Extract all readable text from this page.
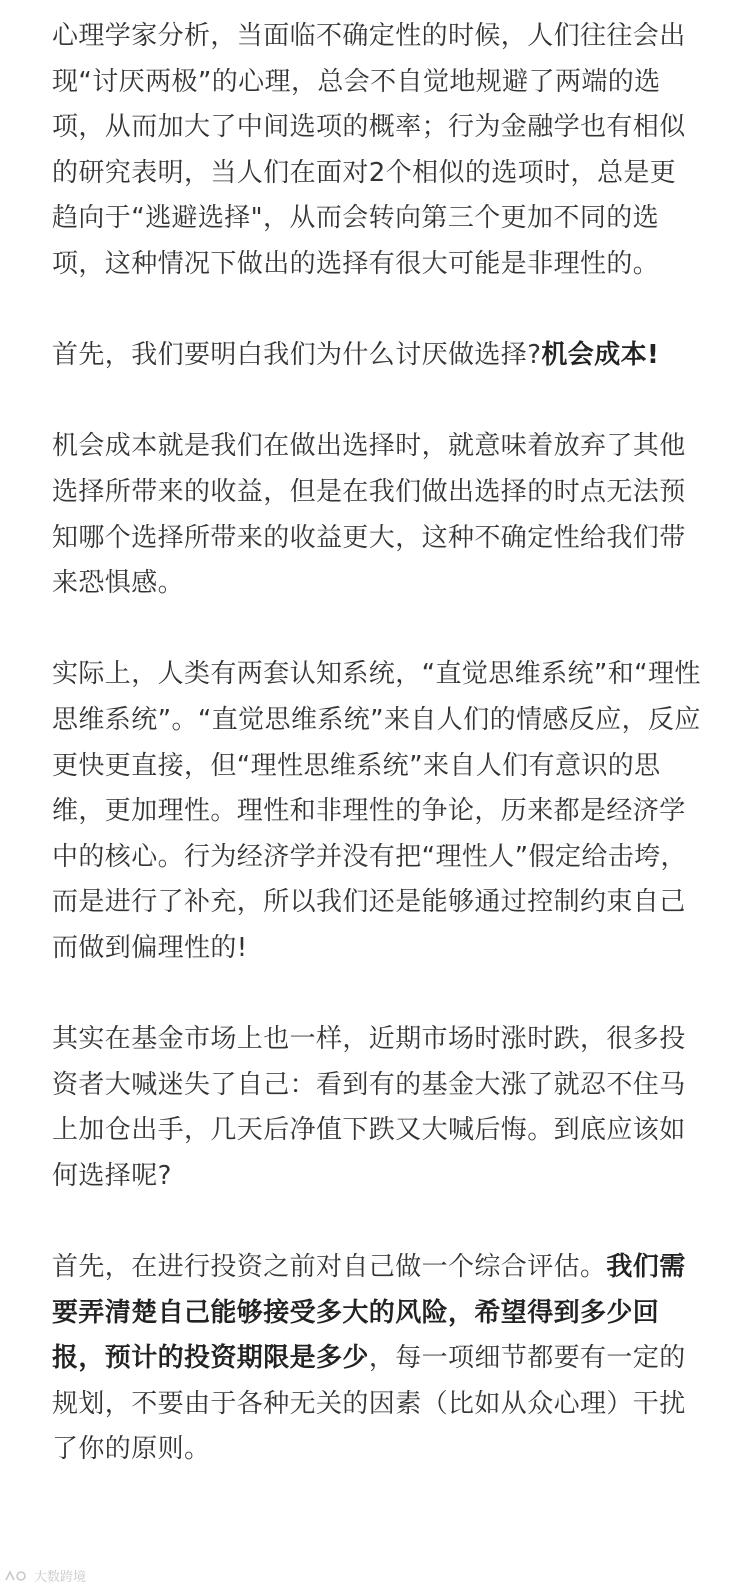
心理学家分析，当面临不确定性的时候，人们往往会出现“讨厌两极”的心理，总会不自觉地规避了两端的选项，从而加大了中间选项的概率；行为金融学也有相似的研究表明，当人们在面对2个相似的选项时，总是更趋向于“逃避选择"，从而会转向第三个更加不同的选项，这种情况下做出的选择有很大可能是非理性的。

首先，我们要明白我们为什么讨厌做选择?机会成本!

机会成本就是我们在做出选择时，就意味着放弃了其他选择所带来的收益，但是在我们做出选择的时点无法预知哪个选择所带来的收益更大，这种不确定性给我们带来恐惧感。

实际上，人类有两套认知系统，“直觉思维系统”和“理性思维系统”。“直觉思维系统”来自人们的情感反应，反应更快更直接，但“理性思维系统”来自人们有意识的思维，更加理性。理性和非理性的争论，历来都是经济学中的核心。行为经济学并没有把“理性人”假定给击垮，而是进行了补充，所以我们还是能够通过控制约束自己而做到偏理性的!

其实在基金市场上也一样，近期市场时涨时跌，很多投资者大喊迷失了自己：看到有的基金大涨了就忍不住马上加仓出手，几天后净值下跌又大喊后悔。到底应该如何选择呢?

首先，在进行投资之前对自己做一个综合评估。我们需要弄清楚自己能够接受多大的风险，希望得到多少回报，预计的投资期限是多少，每一项细节都要有一定的规划，不要由于各种无关的因素（比如从众心理）干扰了你的原则。

大数跨境
